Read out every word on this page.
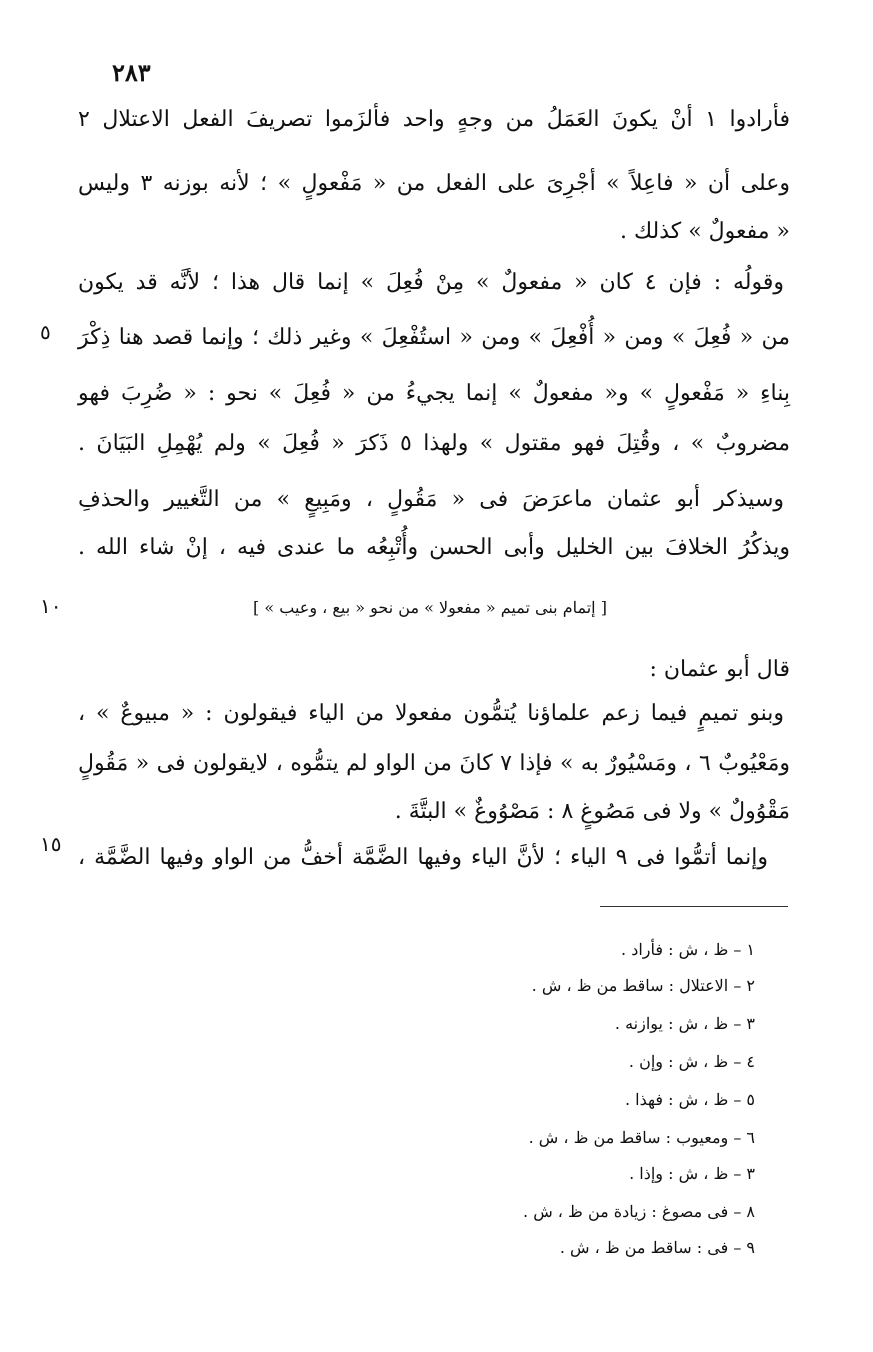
٢٨٣
فأرادوا ١ أنْ يكونَ العَمَلُ من وجهٍ واحد فألزَموا تصريفَ الفعل الاعتلال ٢
وعلى أن « فاعِلاً » أجْرِىَ على الفعل من « مَفْعولٍ » ؛ لأنه بوزنه ٣ وليس
« مفعولٌ » كذلك .
وقولُه : فإن ٤ كان « مفعولٌ » مِنْ فُعِلَ » إنما قال هذا ؛ لأنَّه قد يكون
من « فُعِلَ » ومن « أُفْعِلَ » ومن « استُفْعِلَ » وغير ذلك ؛ وإنما قصد هنا ذِكْرَ
بِناءِ « مَفْعولٍ » و« مفعولٌ » إنما يجيءُ من « فُعِلَ » نحو : « ضُرِبَ فهو
مضروبٌ » ، وقُتِلَ فهو مقتول » ولهذا ٥ ذَكرَ « فُعِلَ » ولم يُهْمِلِ البَيَانَ .
وسيذكر أبو عثمان ماعرَضَ فى « مَقُولٍ ، ومَبِيعٍ » من التَّغيير والحذفِ
ويذكُرُ الخلافَ بين الخليل وأبى الحسن وأُتْبِعُه ما عندى فيه ، إنْ شاء الله .
٥
١٠
١٥
[ إتمام بنى تميم « مفعولا » من نحو « بيع ، وعيب » ]
قال أبو عثمان :
وبنو تميمٍ فيما زعم علماؤنا يُتمُّون مفعولا من الياء فيقولون : « مبيوعٌ » ،
ومَعْيُوبٌ ٦ ، ومَسْيُورٌ به » فإذا ٧ كانَ من الواو لم يتمُّوه ، لايقولون فى « مَقُولٍ
مَقْوُولٌ » ولا فى مَصُوغٍ ٨ : مَصْوُوغٌ » البتَّةَ .
وإنما أتمُّوا فى ٩ الياء ؛ لأنَّ الياء وفيها الضَّمَّة أخفُّ من الواو وفيها الضَّمَّة ،
١ – ظ ، ش : فأراد .
٢ – الاعتلال : ساقط من ظ ، ش .
٣ – ظ ، ش : يوازنه .
٤ – ظ ، ش : وإن .
٥ – ظ ، ش : فهذا .
٦ – ومعيوب : ساقط من ظ ، ش .
٣ – ظ ، ش : وإذا .
٨ – فى مصوغ : زيادة من ظ ، ش .
٩ – فى : ساقط من ظ ، ش .
